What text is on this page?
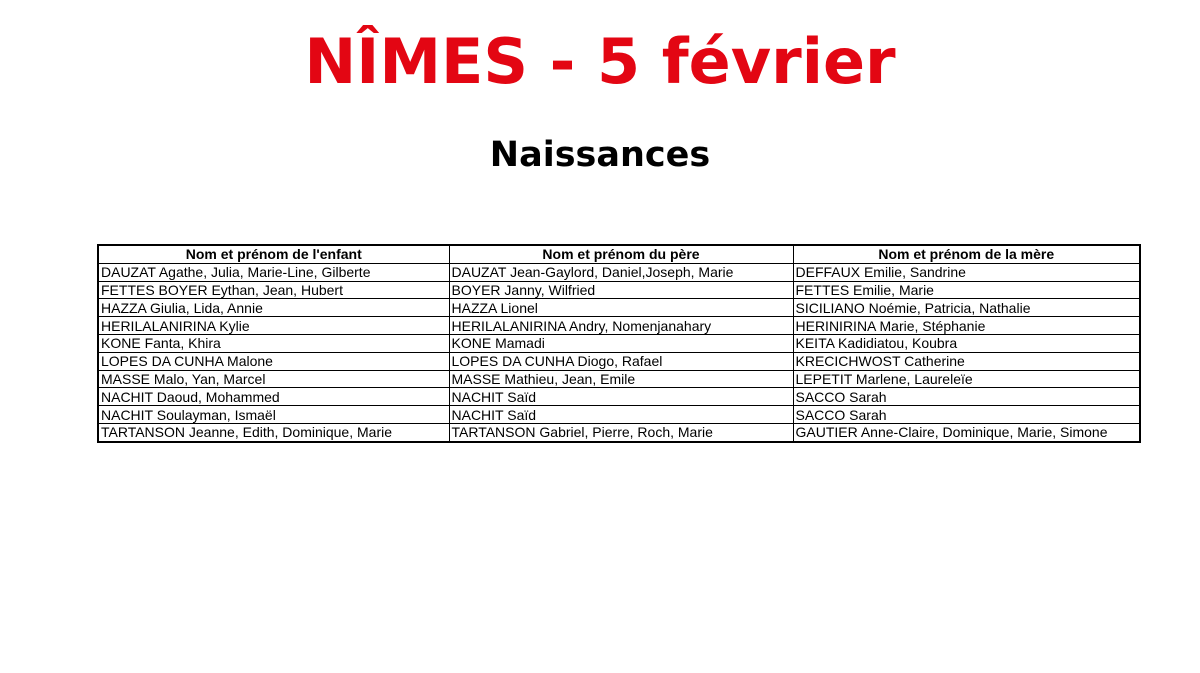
NÎMES - 5 février
Naissances
Nom et prénom de l'enfant	Nom et prénom du père	Nom et prénom de la mère
DAUZAT Agathe, Julia, Marie-Line, Gilberte	DAUZAT Jean-Gaylord, Daniel,Joseph, Marie	DEFFAUX Emilie, Sandrine
FETTES BOYER Eythan, Jean, Hubert	BOYER Janny, Wilfried	FETTES Emilie, Marie
HAZZA Giulia, Lida, Annie	HAZZA Lionel	SICILIANO Noémie, Patricia, Nathalie
HERILALANIRINA Kylie	HERILALANIRINA Andry, Nomenjanahary	HERINIRINA Marie, Stéphanie
KONE Fanta, Khira	KONE Mamadi	KEITA Kadidiatou, Koubra
LOPES DA CUNHA Malone	LOPES DA CUNHA Diogo, Rafael	KRECICHWOST Catherine
MASSE Malo, Yan, Marcel	MASSE Mathieu, Jean, Emile	LEPETIT Marlene, Laureleïe
NACHIT Daoud, Mohammed	NACHIT Saïd	SACCO Sarah
NACHIT Soulayman, Ismaël	NACHIT Saïd	SACCO Sarah
TARTANSON Jeanne, Edith, Dominique, Marie	TARTANSON Gabriel, Pierre, Roch, Marie	GAUTIER Anne-Claire, Dominique, Marie, Simone
